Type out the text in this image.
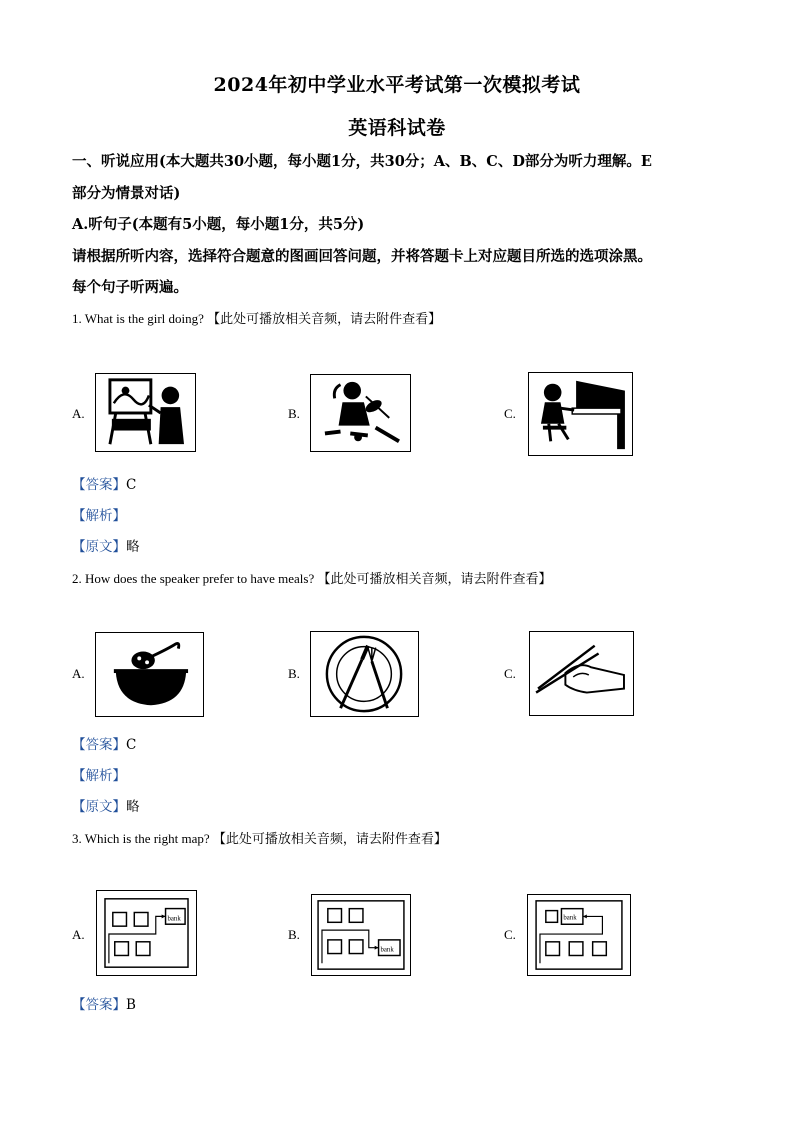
2024年初中学业水平考试第一次模拟考试
英语科试卷
一、听说应用(本大题共30小题，每小题1分，共30分；A、B、C、D部分为听力理解。E
部分为情景对话)
A.听句子(本题有5小题，每小题1分，共5分)
请根据所听内容，选择符合题意的图画回答问题，并将答题卡上对应题目所选的选项涂黑。
每个句子听两遍。
1. What is the girl doing? 【此处可播放相关音频，请去附件查看】
A.	B.	C.
【答案】C
【解析】
【原文】略
2. How does the speaker prefer to have meals? 【此处可播放相关音频，请去附件查看】
A.	B.	C.
【答案】C
【解析】
【原文】略
3. Which is the right map? 【此处可播放相关音频，请去附件查看】
A.
bank
B.
bank
C.
bank
【答案】B
